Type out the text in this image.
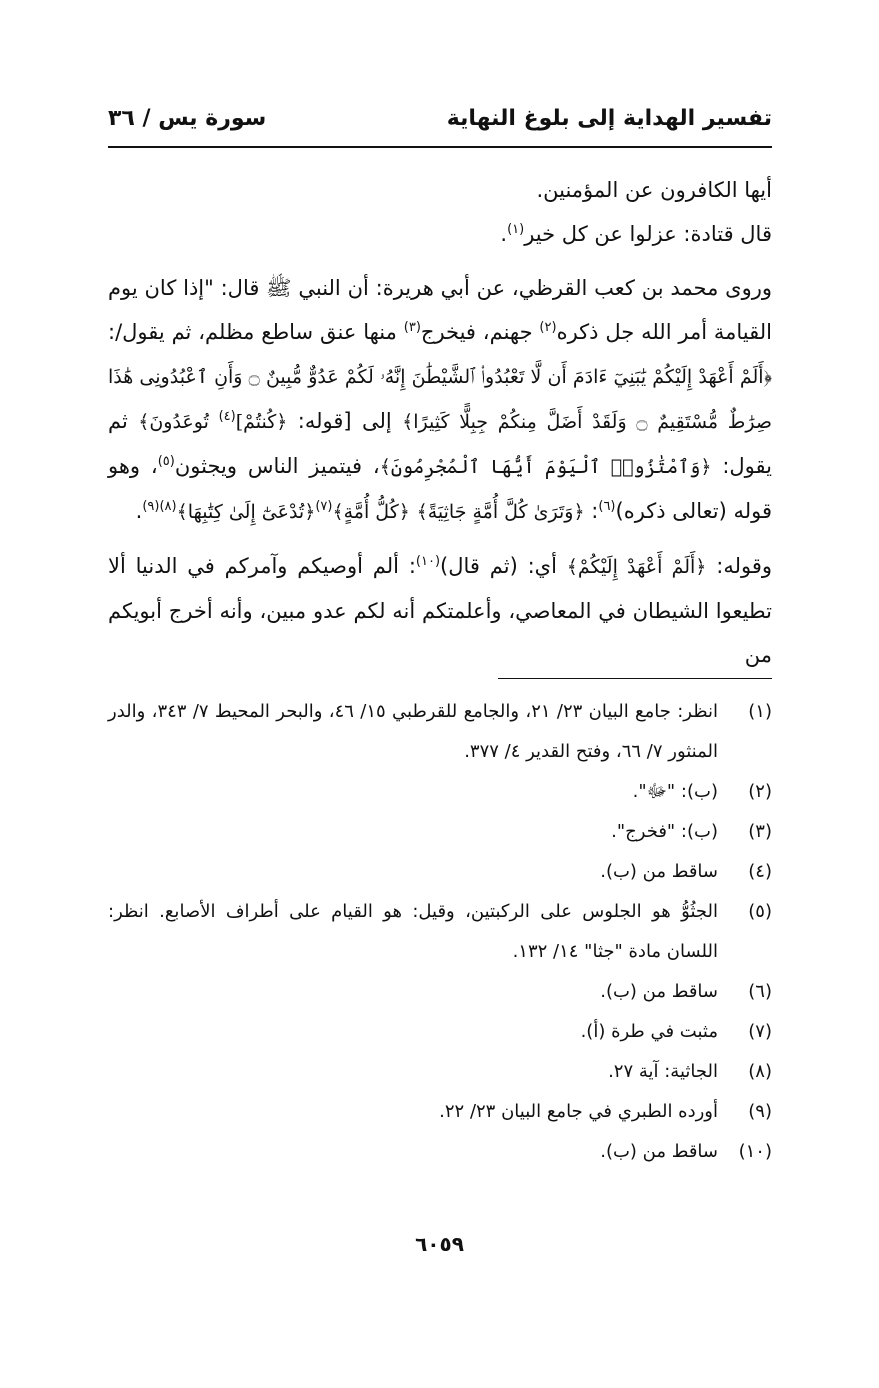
تفسير الهداية إلى بلوغ النهاية
سورة يس / ٣٦

أيها الكافرون عن المؤمنين.

قال قتادة: عزلوا عن كل خير$^{(١)}$.

وروى محمد بن كعب القرظي، عن أبي هريرة: أن النبي ﷺ قال: "إذا كان يوم القيامة أمر الله جل ذكره$^{(٢)}$ جهنم، فيخرج$^{(٣)}$ منها عنق ساطع مظلم، ثم يقول/: ﴿أَلَمْ أَعْهَدْ إِلَيْكُمْ يَٰبَنِيٓ ءَادَمَ أَن لَّا تَعْبُدُوا۟ ٱلشَّيْطَٰنَ إِنَّهُۥ لَكُمْ عَدُوٌّ مُّبِينٌ ۝ وَأَنِ ٱعْبُدُونِى هَٰذَا صِرَٰطٌ مُّسْتَقِيمٌ ۝ وَلَقَدْ أَضَلَّ مِنكُمْ جِبِلًّا كَثِيرًا﴾ إلى [قوله: ﴿كُنتُمْ]$^{(٤)}$ تُوعَدُونَ﴾ ثم يقول: ﴿وَٱمْتَٰزُوا۟ ٱلْيَوْمَ أَيُّهَا ٱلْمُجْرِمُونَ﴾، فيتميز الناس ويجثون$^{(٥)}$، وهو قوله (تعالى ذكره)$^{(٦)}$: ﴿وَتَرَىٰ كُلَّ أُمَّةٍ جَاثِيَةً﴾ ﴿كُلُّ أُمَّةٍ﴾$^{(٧)}$﴿تُدْعَىٰٓ إِلَىٰ كِتَٰبِهَا﴾$^{(٨)(٩)}$.

وقوله: ﴿أَلَمْ أَعْهَدْ إِلَيْكُمْ﴾ أي: (ثم قال)$^{(١٠)}$: ألم أوصيكم وآمركم في الدنيا ألا تطيعوا الشيطان في المعاصي، وأعلمتكم أنه لكم عدو مبين، وأنه أخرج أبويكم من

(١)
انظر: جامع البيان ٢٣/ ٢١، والجامع للقرطبي ١٥/ ٤٦، والبحر المحيط ٧/ ٣٤٣، والدر المنثور ٧/ ٦٦، وفتح القدير ٤/ ٣٧٧.
(٢)
(ب): "ﷻ".
(٣)
(ب): "فخرج".
(٤)
ساقط من (ب).
(٥)
الجثُوُّ هو الجلوس على الركبتين، وقيل: هو القيام على أطراف الأصابع. انظر: اللسان مادة "جثا" ١٤/ ١٣٢.
(٦)
ساقط من (ب).
(٧)
مثبت في طرة (أ).
(٨)
الجاثية: آية ٢٧.
(٩)
أورده الطبري في جامع البيان ٢٣/ ٢٢.
(١٠)
ساقط من (ب).
٦٠٥٩
